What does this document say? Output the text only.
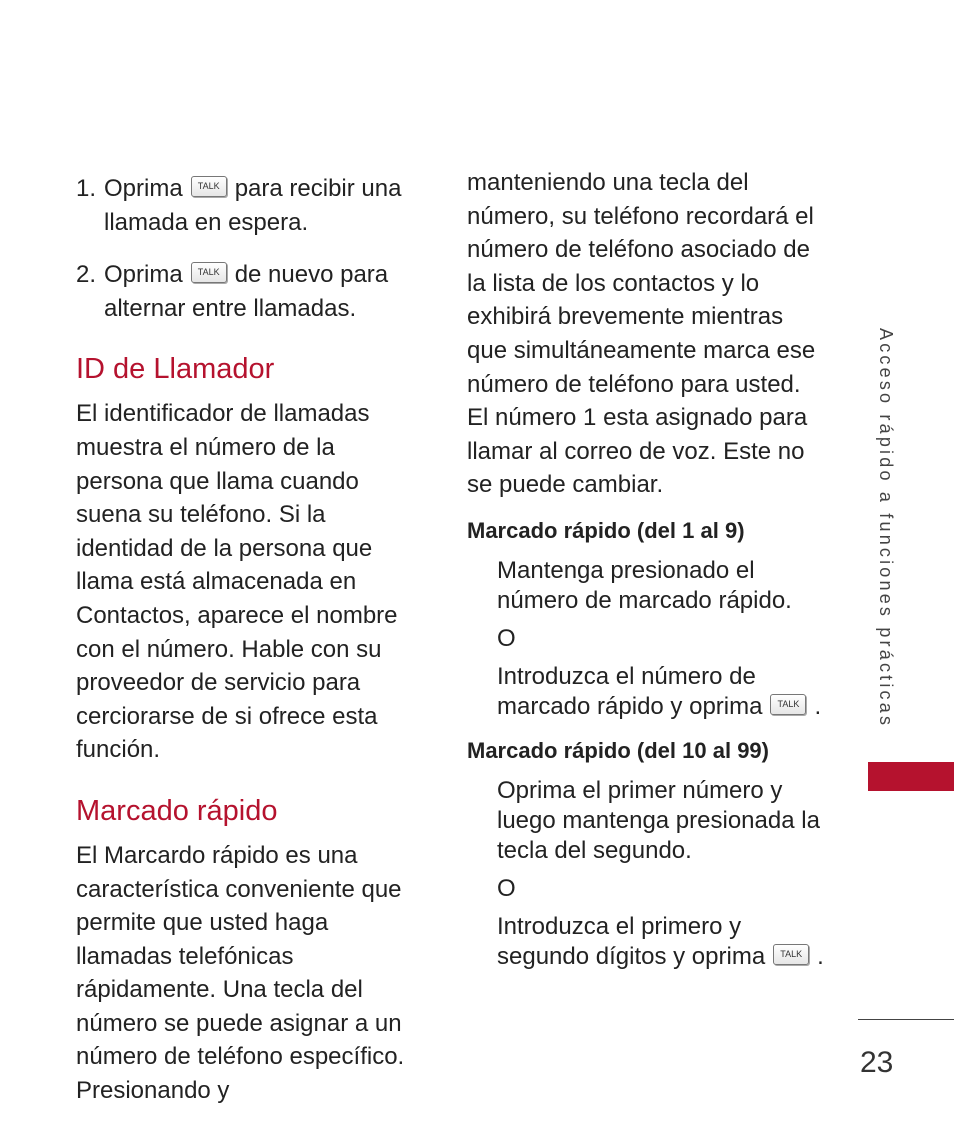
1. Oprima TALK para recibir una llamada en espera.
2. Oprima TALK de nuevo para alternar entre llamadas.
ID de Llamador

El identificador de llamadas muestra el número de la persona que llama cuando suena su teléfono. Si la identidad de la persona que llama está almacenada en Contactos, aparece el nombre con el número. Hable con su proveedor de servicio para cerciorarse de si ofrece esta función.

Marcado rápido

El Marcardo rápido es una característica conveniente que permite que usted haga llamadas telefónicas rápidamente. Una tecla del número se puede asignar a un número de teléfono específico. Presionando y

manteniendo una tecla del número, su teléfono recordará el número de teléfono asociado de la lista de los contactos y lo exhibirá brevemente mientras que simultáneamente marca ese número de teléfono para usted. El número 1 esta asignado para llamar al correo de voz. Este no se puede cambiar.

Marcado rápido (del 1 al 9)

Mantenga presionado el número de marcado rápido.

O

Introduzca el número de marcado rápido y oprima TALK .

Marcado rápido (del 10 al 99)

Oprima el primer número y luego mantenga presionada la tecla del segundo.

O

Introduzca el primero y segundo dígitos y oprima TALK .

Acceso rápido a funciones prácticas
23
